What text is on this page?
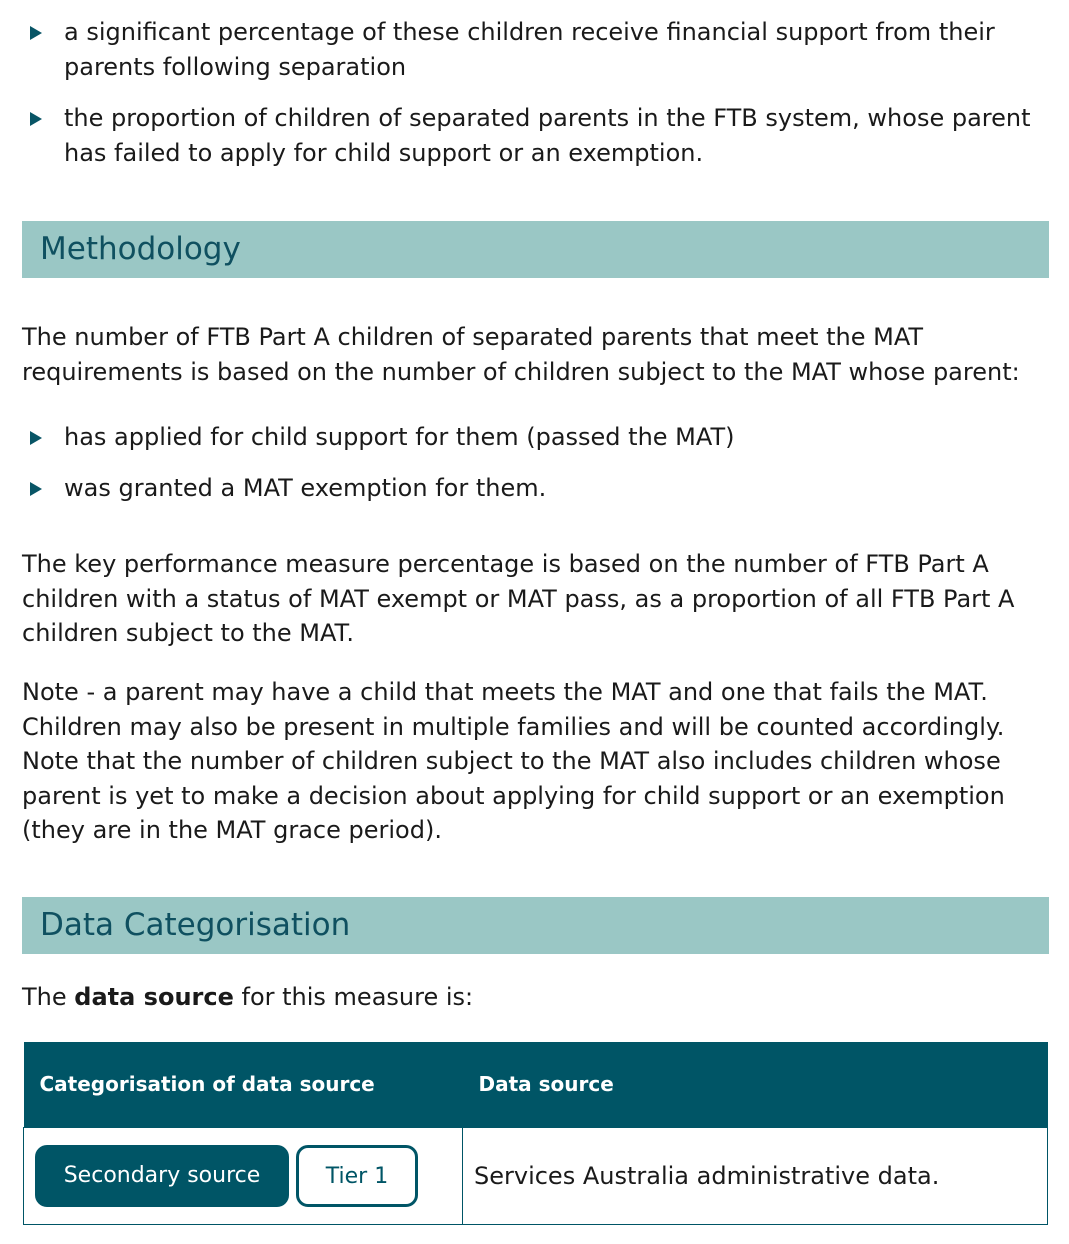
a significant percentage of these children receive financial support from their parents following separation
the proportion of children of separated parents in the FTB system, whose parent has failed to apply for child support or an exemption.
Methodology

The number of FTB Part A children of separated parents that meet the MAT requirements is based on the number of children subject to the MAT whose parent:

has applied for child support for them (passed the MAT)
was granted a MAT exemption for them.

The key performance measure percentage is based on the number of FTB Part A children with a status of MAT exempt or MAT pass, as a proportion of all FTB Part A children subject to the MAT.

Note - a parent may have a child that meets the MAT and one that fails the MAT. Children may also be present in multiple families and will be counted accordingly. Note that the number of children subject to the MAT also includes children whose parent is yet to make a decision about applying for child support or an exemption (they are in the MAT grace period).

Data Categorisation

The data source for this measure is:

Categorisation of data source	Data source
Secondary source Tier 1	Services Australia administrative data.
